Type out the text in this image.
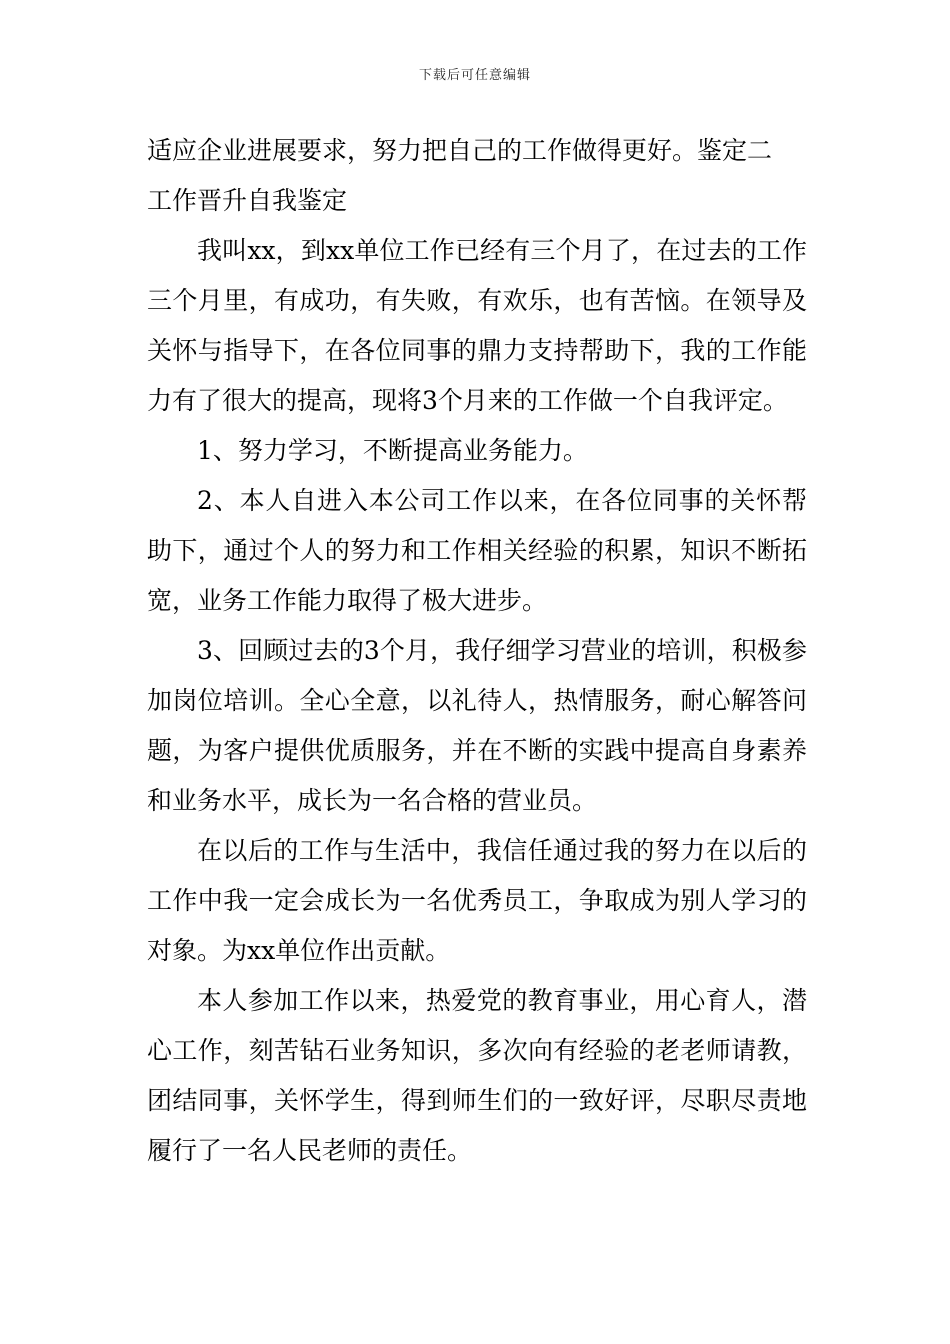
下载后可任意编辑

适应企业进展要求，努力把自己的工作做得更好。鉴定二

工作晋升自我鉴定

我叫xx，到xx单位工作已经有三个月了，在过去的工作三个月里，有成功，有失败，有欢乐，也有苦恼。在领导及关怀与指导下，在各位同事的鼎力支持帮助下，我的工作能力有了很大的提高，现将3个月来的工作做一个自我评定。

1、努力学习，不断提高业务能力。

2、本人自进入本公司工作以来，在各位同事的关怀帮助下，通过个人的努力和工作相关经验的积累，知识不断拓宽，业务工作能力取得了极大进步。

3、回顾过去的3个月，我仔细学习营业的培训，积极参加岗位培训。全心全意，以礼待人，热情服务，耐心解答问题，为客户提供优质服务，并在不断的实践中提高自身素养和业务水平，成长为一名合格的营业员。

在以后的工作与生活中，我信任通过我的努力在以后的工作中我一定会成长为一名优秀员工，争取成为别人学习的对象。为xx单位作出贡献。

本人参加工作以来，热爱党的教育事业，用心育人，潜心工作，刻苦钻石业务知识，多次向有经验的老老师请教，团结同事，关怀学生，得到师生们的一致好评，尽职尽责地履行了一名人民老师的责任。
